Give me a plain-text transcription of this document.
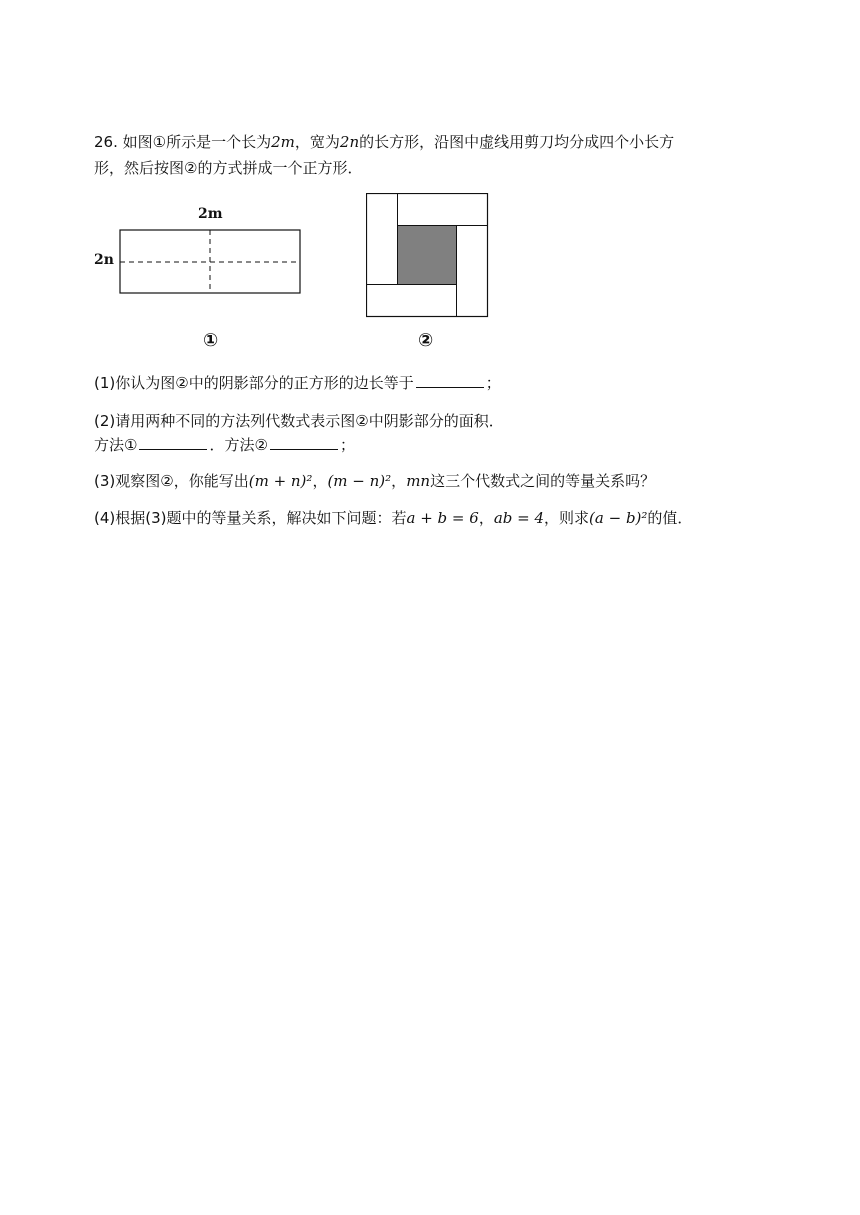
26. 如图①所示是一个长为2m，宽为2n的长方形，沿图中虚线用剪刀均分成四个小长方
形，然后按图②的方式拼成一个正方形．
2m
2n
①	②
(1)你认为图②中的阴影部分的正方形的边长等于	；
(2)请用两种不同的方法列代数式表示图②中阴影部分的面积．
方法①	．方法②	；
(3)观察图②，你能写出(m + n)²，(m − n)²，mn这三个代数式之间的等量关系吗？
(4)根据(3)题中的等量关系，解决如下问题：若a + b = 6，ab = 4，则求(a − b)²的值．
